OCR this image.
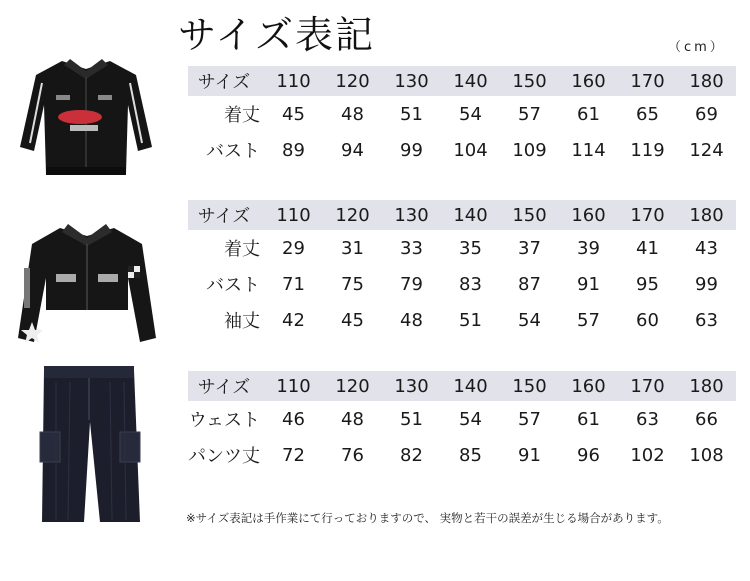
サイズ表記	（cm）
サイズ	110	120	130	140	150	160	170	180
着丈	45	48	51	54	57	61	65	69
バスト	89	94	99	104	109	114	119	124
サイズ	110	120	130	140	150	160	170	180
着丈	29	31	33	35	37	39	41	43
バスト	71	75	79	83	87	91	95	99
袖丈	42	45	48	51	54	57	60	63
サイズ	110	120	130	140	150	160	170	180
ウェスト	46	48	51	54	57	61	63	66
パンツ丈	72	76	82	85	91	96	102	108
※サイズ表記は手作業にて行っておりますので、 実物と若干の誤差が生じる場合があります。
